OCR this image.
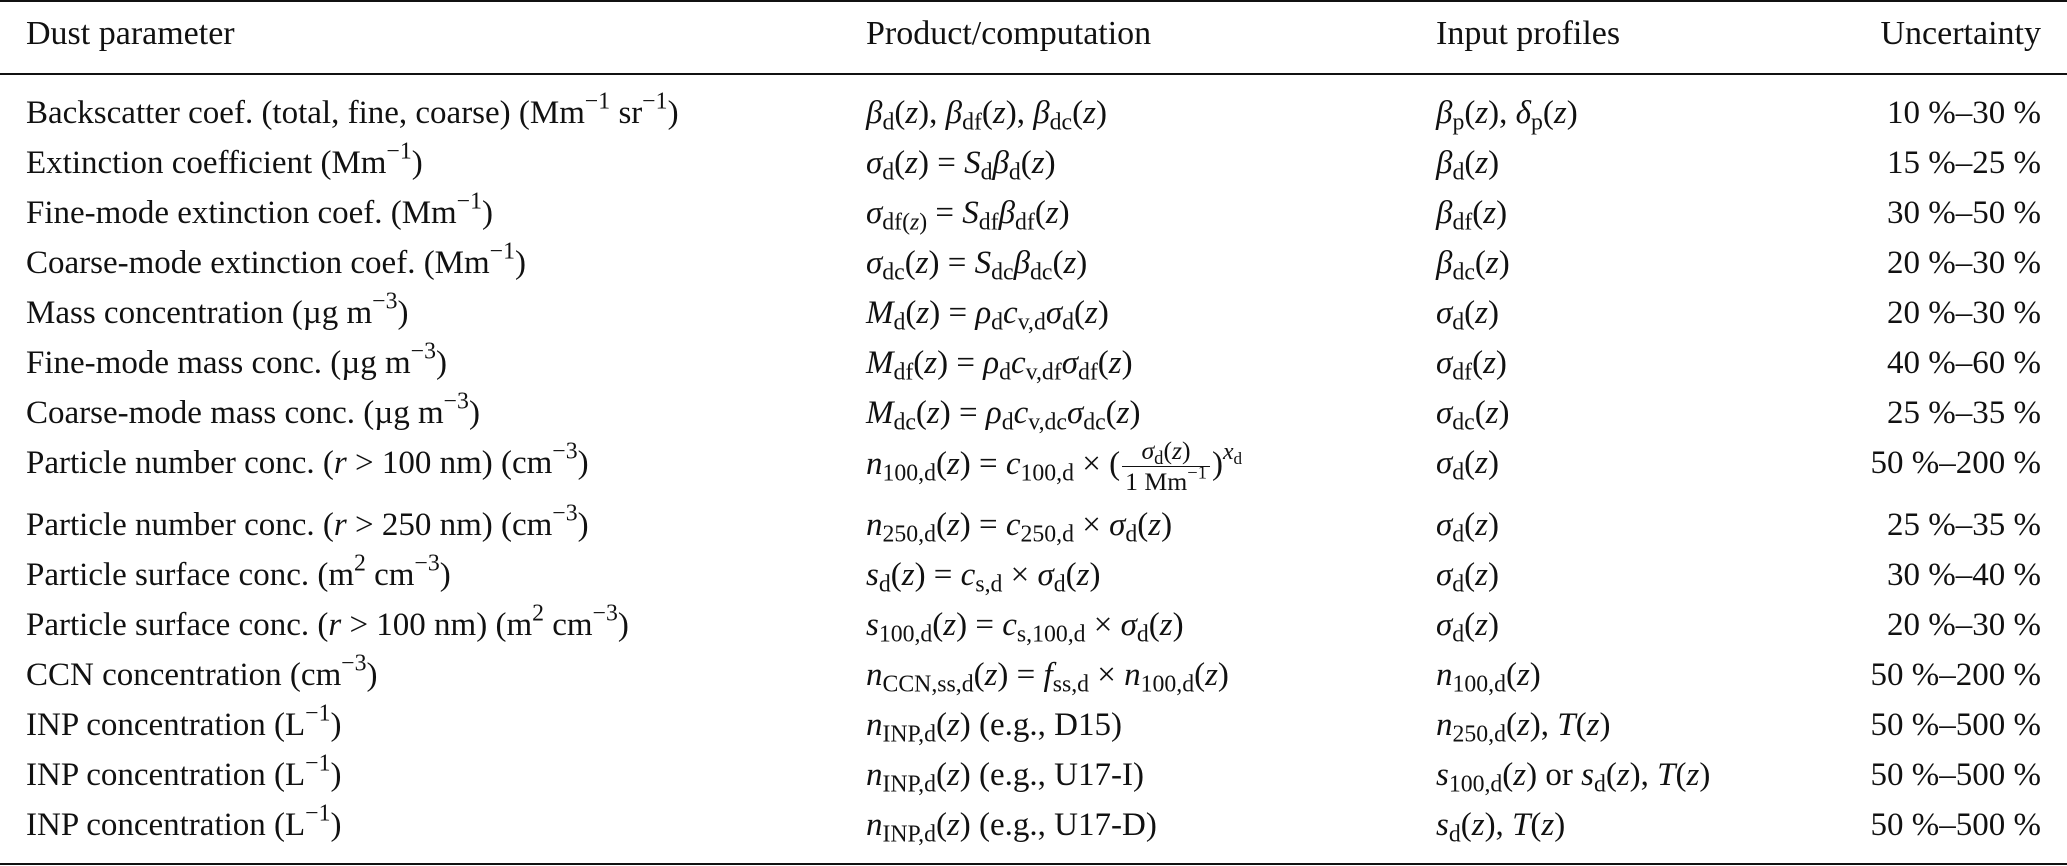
Dust parameter	Product/computation	Input profiles	Uncertainty
Backscatter coef. (total, fine, coarse) ($Mm^{-1}$ $sr^{-1}$)	$\beta_d(z)$, $\beta_{df}(z)$, $\beta_{dc}(z)$	$\beta_p(z)$, $\delta_p(z)$	10 %–30 %
Extinction coefficient $(Mm^{-1})$	$\sigma_d(z) = S_d\beta_d(z)$	$\beta_d(z)$	15 %–25 %
Fine-mode extinction coef. $(Mm^{-1})$	$\sigma_{df(z)} = S_{df}\beta_{df}(z)$	$\beta_{df}(z)$	30 %–50 %
Coarse-mode extinction coef. $(Mm^{-1})$	$\sigma_{dc}(z) = S_{dc}\beta_{dc}(z)$	$\beta_{dc}(z)$	20 %–30 %
Mass concentration (µg $m^{-3}$)	$M_d(z) = \rho_dc_{v,d}\sigma_d(z)$	$\sigma_d(z)$	20 %–30 %
Fine-mode mass conc. (µg $m^{-3}$)	$M_{df}(z) = \rho_dc_{v,df}\sigma_{df}(z)$	$\sigma_{df}(z)$	40 %–60 %
Coarse-mode mass conc. (µg $m^{-3}$)	$M_{dc}(z) = \rho_dc_{v,dc}\sigma_{dc}(z)$	$\sigma_{dc}(z)$	25 %–35 %
Particle number conc. (r > 100 nm) $(cm^{-3})$	$n_{100,d}(z) = c_{100,d}$ × ( $\frac{\sigma_d(z)}{1 Mm^{-1}} )^{x_d}$	$\sigma_d(z)$	50 %–200 %
Particle number conc. (r > 250 nm) $(cm^{-3})$	$n_{250,d}(z) = c_{250,d} \times \sigma_d(z)$	$\sigma_d(z)$	25 %–35 %
Particle surface conc. ($m^2$ $cm^{-3}$)	$s_d(z) = c_{s,d} \times \sigma_d(z)$	$\sigma_d(z)$	30 %–40 %
Particle surface conc. (r > 100 nm) ($m^2$ $cm^{-3}$)	$s_{100,d}(z) = c_{s,100,d} \times \sigma_d(z)$	$\sigma_d(z)$	20 %–30 %
CCN concentration $(cm^{-3})$	$n_{CCN,ss,d}(z) = f_{ss,d} \times n_{100,d}(z)$	$n_{100,d}(z)$	50 %–200 %
INP concentration $(L^{-1})$	$n_{INP,d}(z)$ (e.g., D15)	$n_{250,d}(z)$, T(z)	50 %–500 %
INP concentration $(L^{-1})$	$n_{INP,d}(z)$ (e.g., U17-I)	$s_{100,d}(z)$ or $s_d(z)$, T(z)	50 %–500 %
INP concentration $(L^{-1})$	$n_{INP,d}(z)$ (e.g., U17-D)	$s_d(z)$, T(z)	50 %–500 %
